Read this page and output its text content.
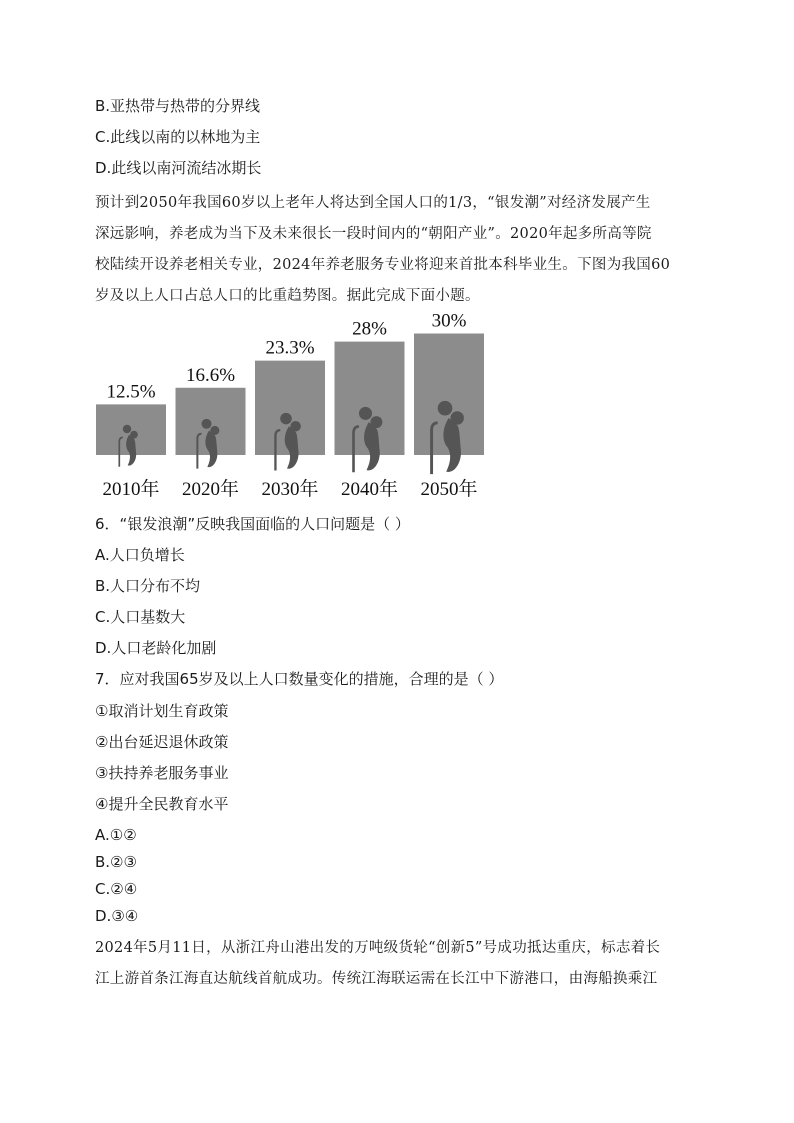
B.亚热带与热带的分界线
C.此线以南的以林地为主
D.此线以南河流结冰期长
预计到2050年我国60岁以上老年人将达到全国人口的1/3，“银发潮”对经济发展产生
深远影响，养老成为当下及未来很长一段时间内的“朝阳产业”。2020年起多所高等院
校陆续开设养老相关专业，2024年养老服务专业将迎来首批本科毕业生。下图为我国60
岁及以上人口占总人口的比重趋势图。据此完成下面小题。
12.5%
2010年
16.6%
2020年
23.3%
2030年
28%
2040年
30%
2050年
6．“银发浪潮”反映我国面临的人口问题是（ ）
A.人口负增长
B.人口分布不均
C.人口基数大
D.人口老龄化加剧
7．应对我国65岁及以上人口数量变化的措施，合理的是（ ）
①取消计划生育政策
②出台延迟退休政策
③扶持养老服务事业
④提升全民教育水平
A.①②
B.②③
C.②④
D.③④
2024年5月11日，从浙江舟山港出发的万吨级货轮“创新5”号成功抵达重庆，标志着长
江上游首条江海直达航线首航成功。传统江海联运需在长江中下游港口，由海船换乘江
